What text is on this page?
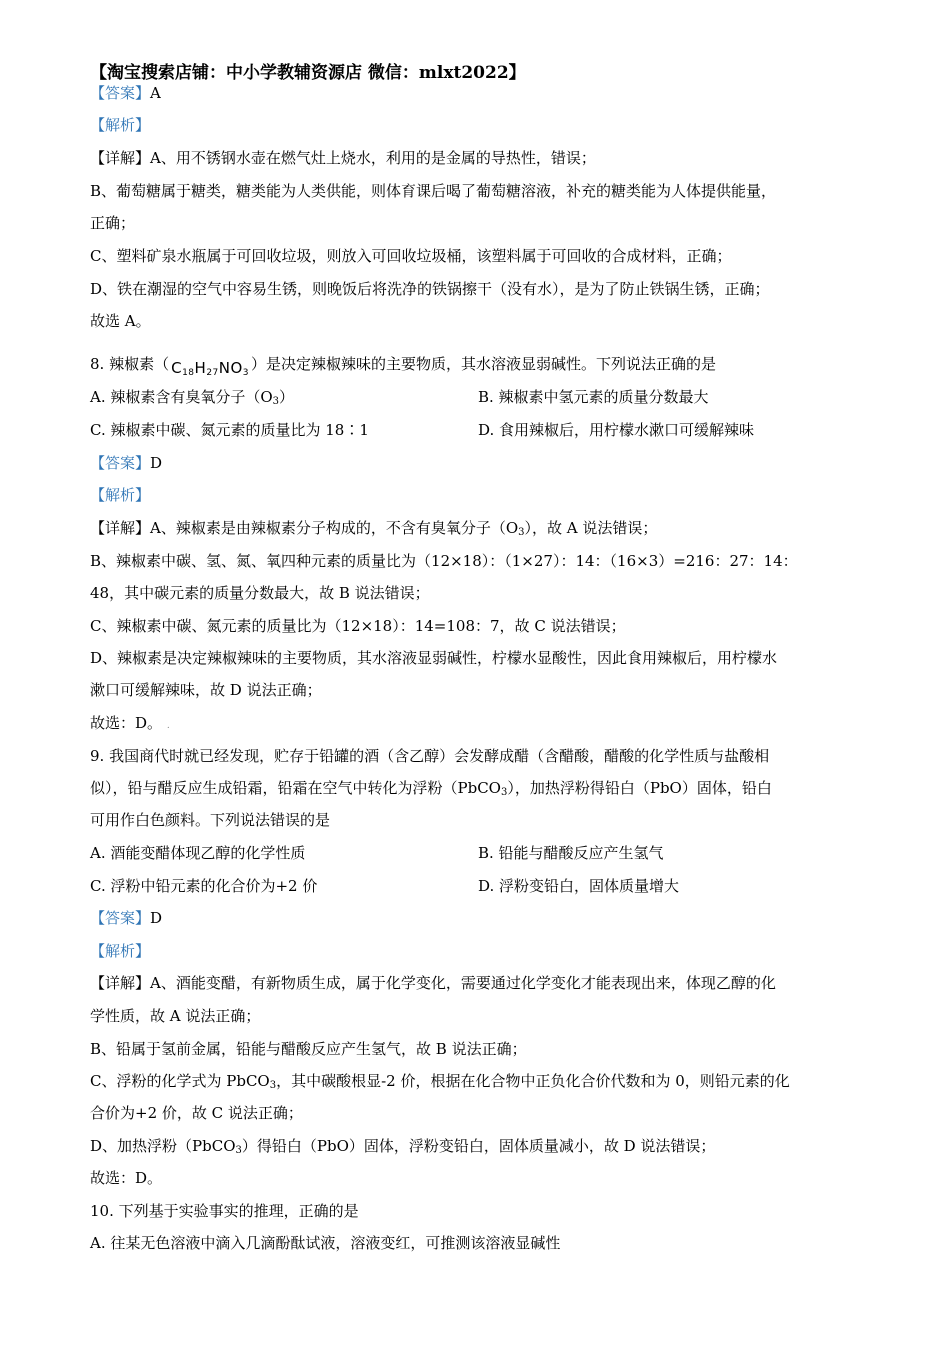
【淘宝搜索店铺：中小学教辅资源店 微信：mlxt2022】
【答案】A
【解析】
【详解】A、用不锈钢水壶在燃气灶上烧水，利用的是金属的导热性，错误；
B、葡萄糖属于糖类，糖类能为人类供能，则体育课后喝了葡萄糖溶液，补充的糖类能为人体提供能量，
正确；
C、塑料矿泉水瓶属于可回收垃圾，则放入可回收垃圾桶，该塑料属于可回收的合成材料，正确；
D、铁在潮湿的空气中容易生锈，则晚饭后将洗净的铁锅擦干（没有水），是为了防止铁锅生锈，正确；
故选 A。
8. 辣椒素（ $C_{18}H_{27}NO_3$ ）是决定辣椒辣味的主要物质，其水溶液显弱碱性。下列说法正确的是
A. 辣椒素含有臭氧分子$(O_3)$	B. 辣椒素中氢元素的质量分数最大
C. 辣椒素中碳、氮元素的质量比为 18∶1	D. 食用辣椒后，用柠檬水漱口可缓解辣味
【答案】D
【解析】
【详解】A、辣椒素是由辣椒素分子构成的，不含有臭氧分子$(O_3)$，故 A 说法错误；
B、辣椒素中碳、氢、氮、氧四种元素的质量比为（12×18）：（1×27）：14：（16×3）=216：27：14：
48，其中碳元素的质量分数最大，故 B 说法错误；
C、辣椒素中碳、氮元素的质量比为（12×18）：14=108：7，故 C 说法错误；
D、辣椒素是决定辣椒辣味的主要物质，其水溶液显弱碱性，柠檬水显酸性，因此食用辣椒后，用柠檬水
漱口可缓解辣味，故 D 说法正确；
故选：D。 .
9. 我国商代时就已经发现，贮存于铅罐的酒（含乙醇）会发酵成醋（含醋酸，醋酸的化学性质与盐酸相
似），铅与醋反应生成铅霜，铅霜在空气中转化为浮粉（PbCO$_3$），加热浮粉得铅白（PbO）固体，铅白
可用作白色颜料。下列说法错误的是
A. 酒能变醋体现乙醇的化学性质	B. 铅能与醋酸反应产生氢气
C. 浮粉中铅元素的化合价为+2 价	D. 浮粉变铅白，固体质量增大
【答案】D
【解析】
【详解】A、酒能变醋，有新物质生成，属于化学变化，需要通过化学变化才能表现出来，体现乙醇的化
学性质，故 A 说法正确；
B、铅属于氢前金属，铅能与醋酸反应产生氢气，故 B 说法正确；
C、浮粉的化学式为 PbCO$_3$，其中碳酸根显-2 价，根据在化合物中正负化合价代数和为 0，则铅元素的化
合价为+2 价，故 C 说法正确；
D、加热浮粉（PbCO$_3$）得铅白（PbO）固体，浮粉变铅白，固体质量减小，故 D 说法错误；
故选：D。
10. 下列基于实验事实的推理，正确的是
A. 往某无色溶液中滴入几滴酚酞试液，溶液变红，可推测该溶液显碱性
